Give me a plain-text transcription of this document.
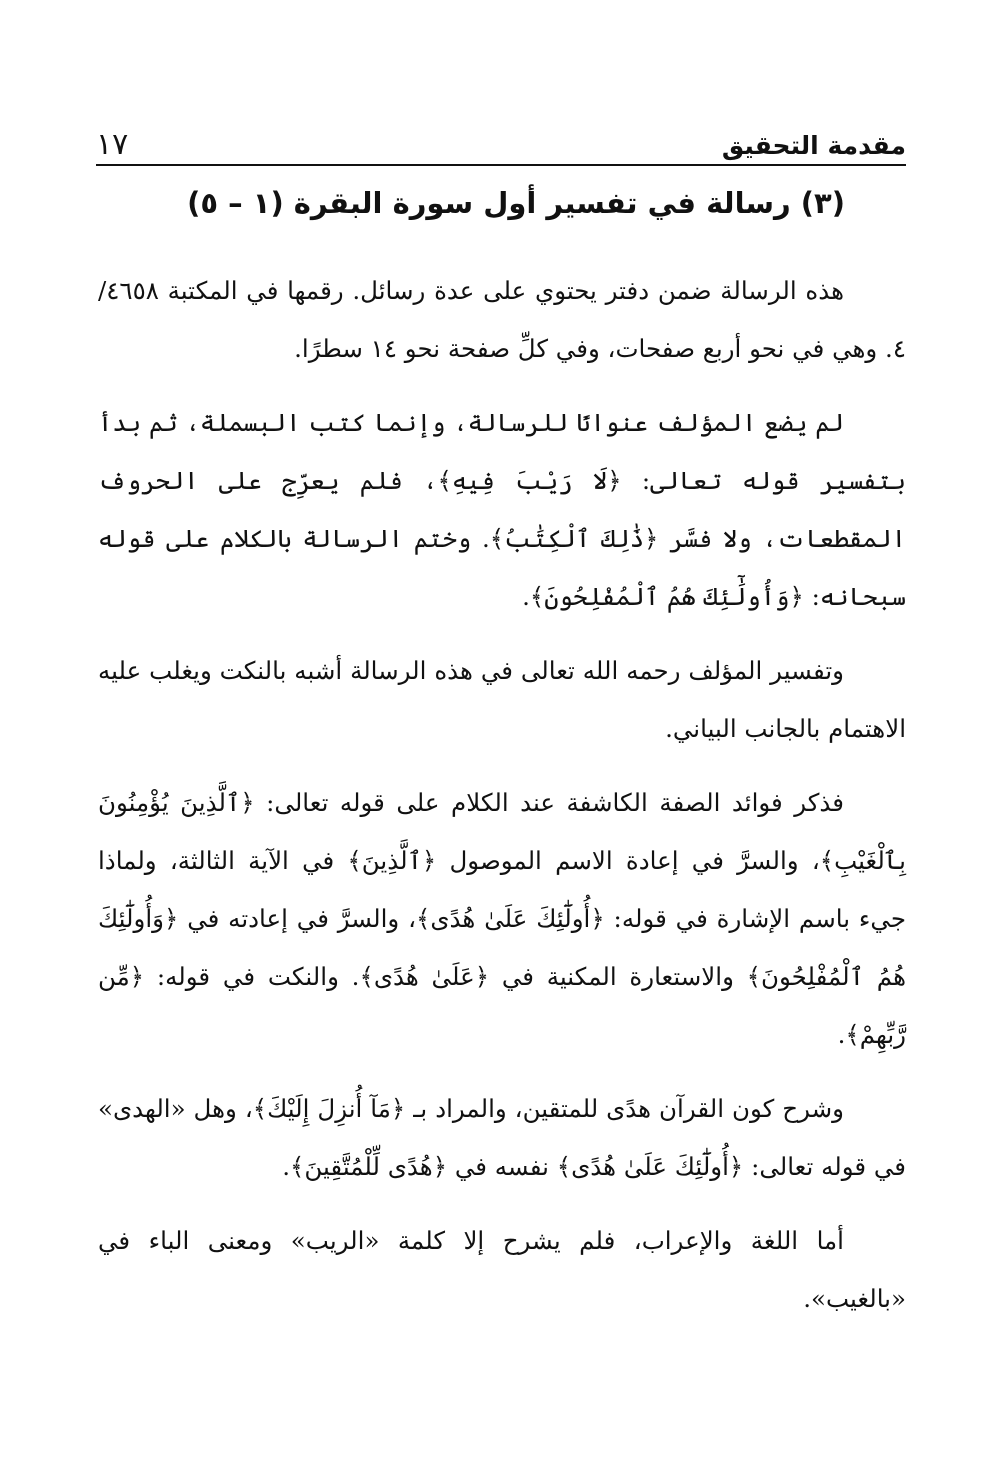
مقدمة التحقيق
١٧
(٣) رسالة في تفسير أول سورة البقرة (١ – ٥)

هذه الرسالة ضمن دفتر يحتوي على عدة رسائل. رقمها في المكتبة ٤٦٥٨/ ٤. وهي في نحو أربع صفحات، وفي كلِّ صفحة نحو ١٤ سطرًا.

لم يضع المؤلف عنوانًا للرسالة، وإنما كتب البسملة، ثم بدأ بتفسير قوله تعالى: ﴿لَا رَيْبَ فِيهِ﴾، فلم يعرِّج على الحروف المقطعات، ولا فسَّر ﴿ذَٰلِكَ ٱلْكِتَٰبُ﴾. وختم الرسالة بالكلام على قوله سبحانه: ﴿وَأُولَٰٓئِكَ هُمُ ٱلْمُفْلِحُونَ﴾.

وتفسير المؤلف رحمه الله تعالى في هذه الرسالة أشبه بالنكت ويغلب عليه الاهتمام بالجانب البياني.

فذكر فوائد الصفة الكاشفة عند الكلام على قوله تعالى: ﴿ٱلَّذِينَ يُؤْمِنُونَ بِٱلْغَيْبِ﴾، والسرَّ في إعادة الاسم الموصول ﴿ٱلَّذِينَ﴾ في الآية الثالثة، ولماذا جيء باسم الإشارة في قوله: ﴿أُولَٰٓئِكَ عَلَىٰ هُدًى﴾، والسرَّ في إعادته في ﴿وَأُولَٰٓئِكَ هُمُ ٱلْمُفْلِحُونَ﴾ والاستعارة المكنية في ﴿عَلَىٰ هُدًى﴾. والنكت في قوله: ﴿مِّن رَّبِّهِمْ﴾.

وشرح كون القرآن هدًى للمتقين، والمراد بـ ﴿مَآ أُنزِلَ إِلَيْكَ﴾، وهل «الهدى» في قوله تعالى: ﴿أُولَٰٓئِكَ عَلَىٰ هُدًى﴾ نفسه في ﴿هُدًى لِّلْمُتَّقِينَ﴾.

أما اللغة والإعراب، فلم يشرح إلا كلمة «الريب» ومعنى الباء في «بالغيب».
